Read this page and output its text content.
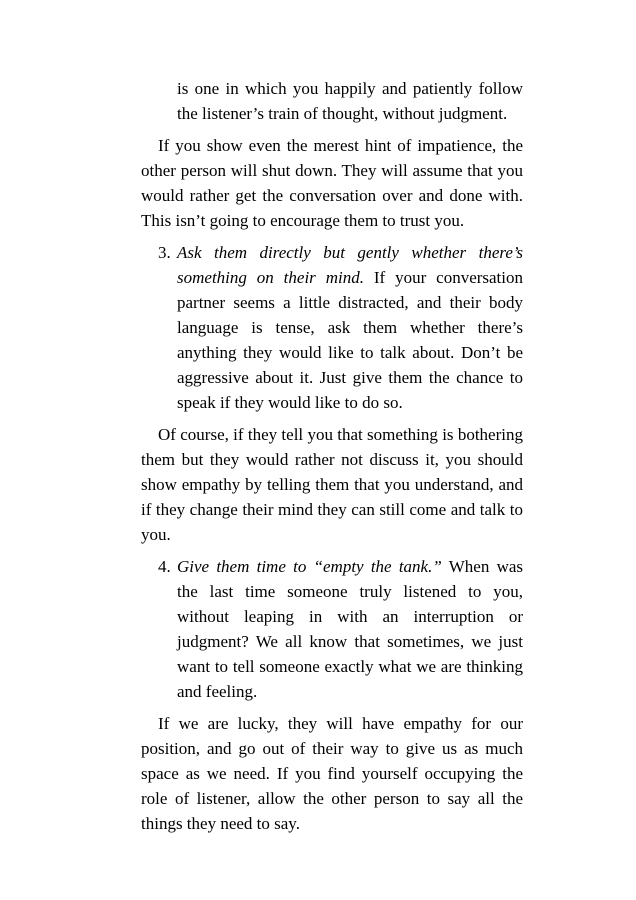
is one in which you happily and patiently follow the listener’s train of thought, without judgment.
If you show even the merest hint of impatience, the other person will shut down. They will assume that you would rather get the conversation over and done with. This isn’t going to encourage them to trust you.
3. Ask them directly but gently whether there’s something on their mind. If your conversation partner seems a little distracted, and their body language is tense, ask them whether there’s anything they would like to talk about. Don’t be aggressive about it. Just give them the chance to speak if they would like to do so.
Of course, if they tell you that something is bothering them but they would rather not discuss it, you should show empathy by telling them that you understand, and if they change their mind they can still come and talk to you.
4. Give them time to “empty the tank.” When was the last time someone truly listened to you, without leaping in with an interruption or judgment? We all know that sometimes, we just want to tell someone exactly what we are thinking and feeling.
If we are lucky, they will have empathy for our position, and go out of their way to give us as much space as we need. If you find yourself occupying the role of listener, allow the other person to say all the things they need to say.
